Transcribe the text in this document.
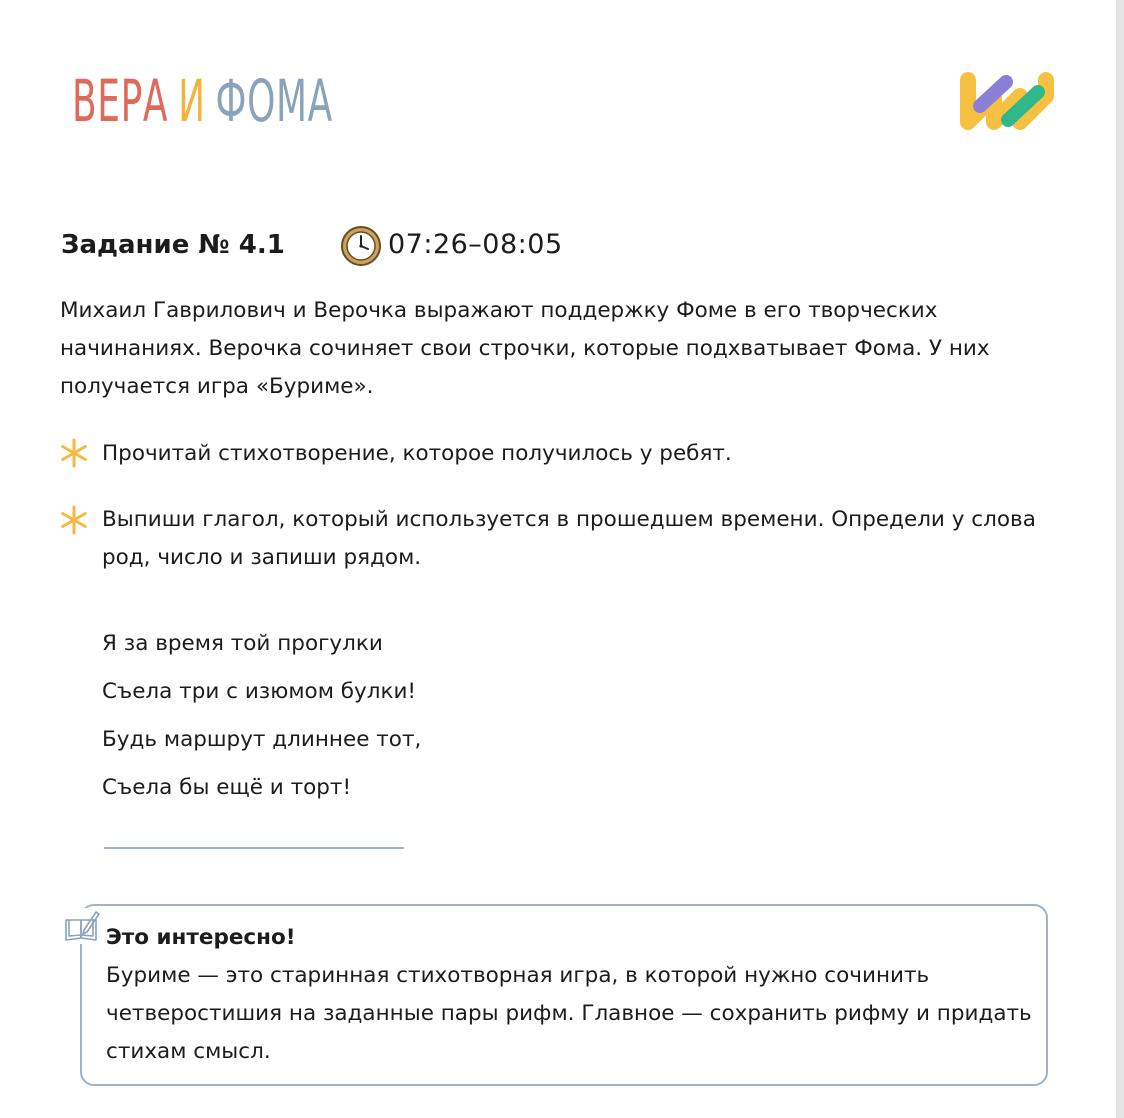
ВЕРА И ФОМА
Задание № 4.1	07:26–08:05

Михаил Гаврилович и Верочка выражают поддержку Фоме в его творческих начинаниях. Верочка сочиняет свои строчки, которые подхватывает Фома. У них получается игра «Буриме».

Прочитай стихотворение, которое получилось у ребят.

Выпиши глагол, который используется в прошедшем времени. Определи у слова род, число и запиши рядом.

Я за время той прогулки
Съела три с изюмом булки!
Будь маршрут длиннее тот,
Съела бы ещё и торт!
Это интересно!

Буриме — это старинная стихотворная игра, в которой нужно сочинить четверостишия на заданные пары рифм. Главное — сохранить рифму и придать стихам смысл.
